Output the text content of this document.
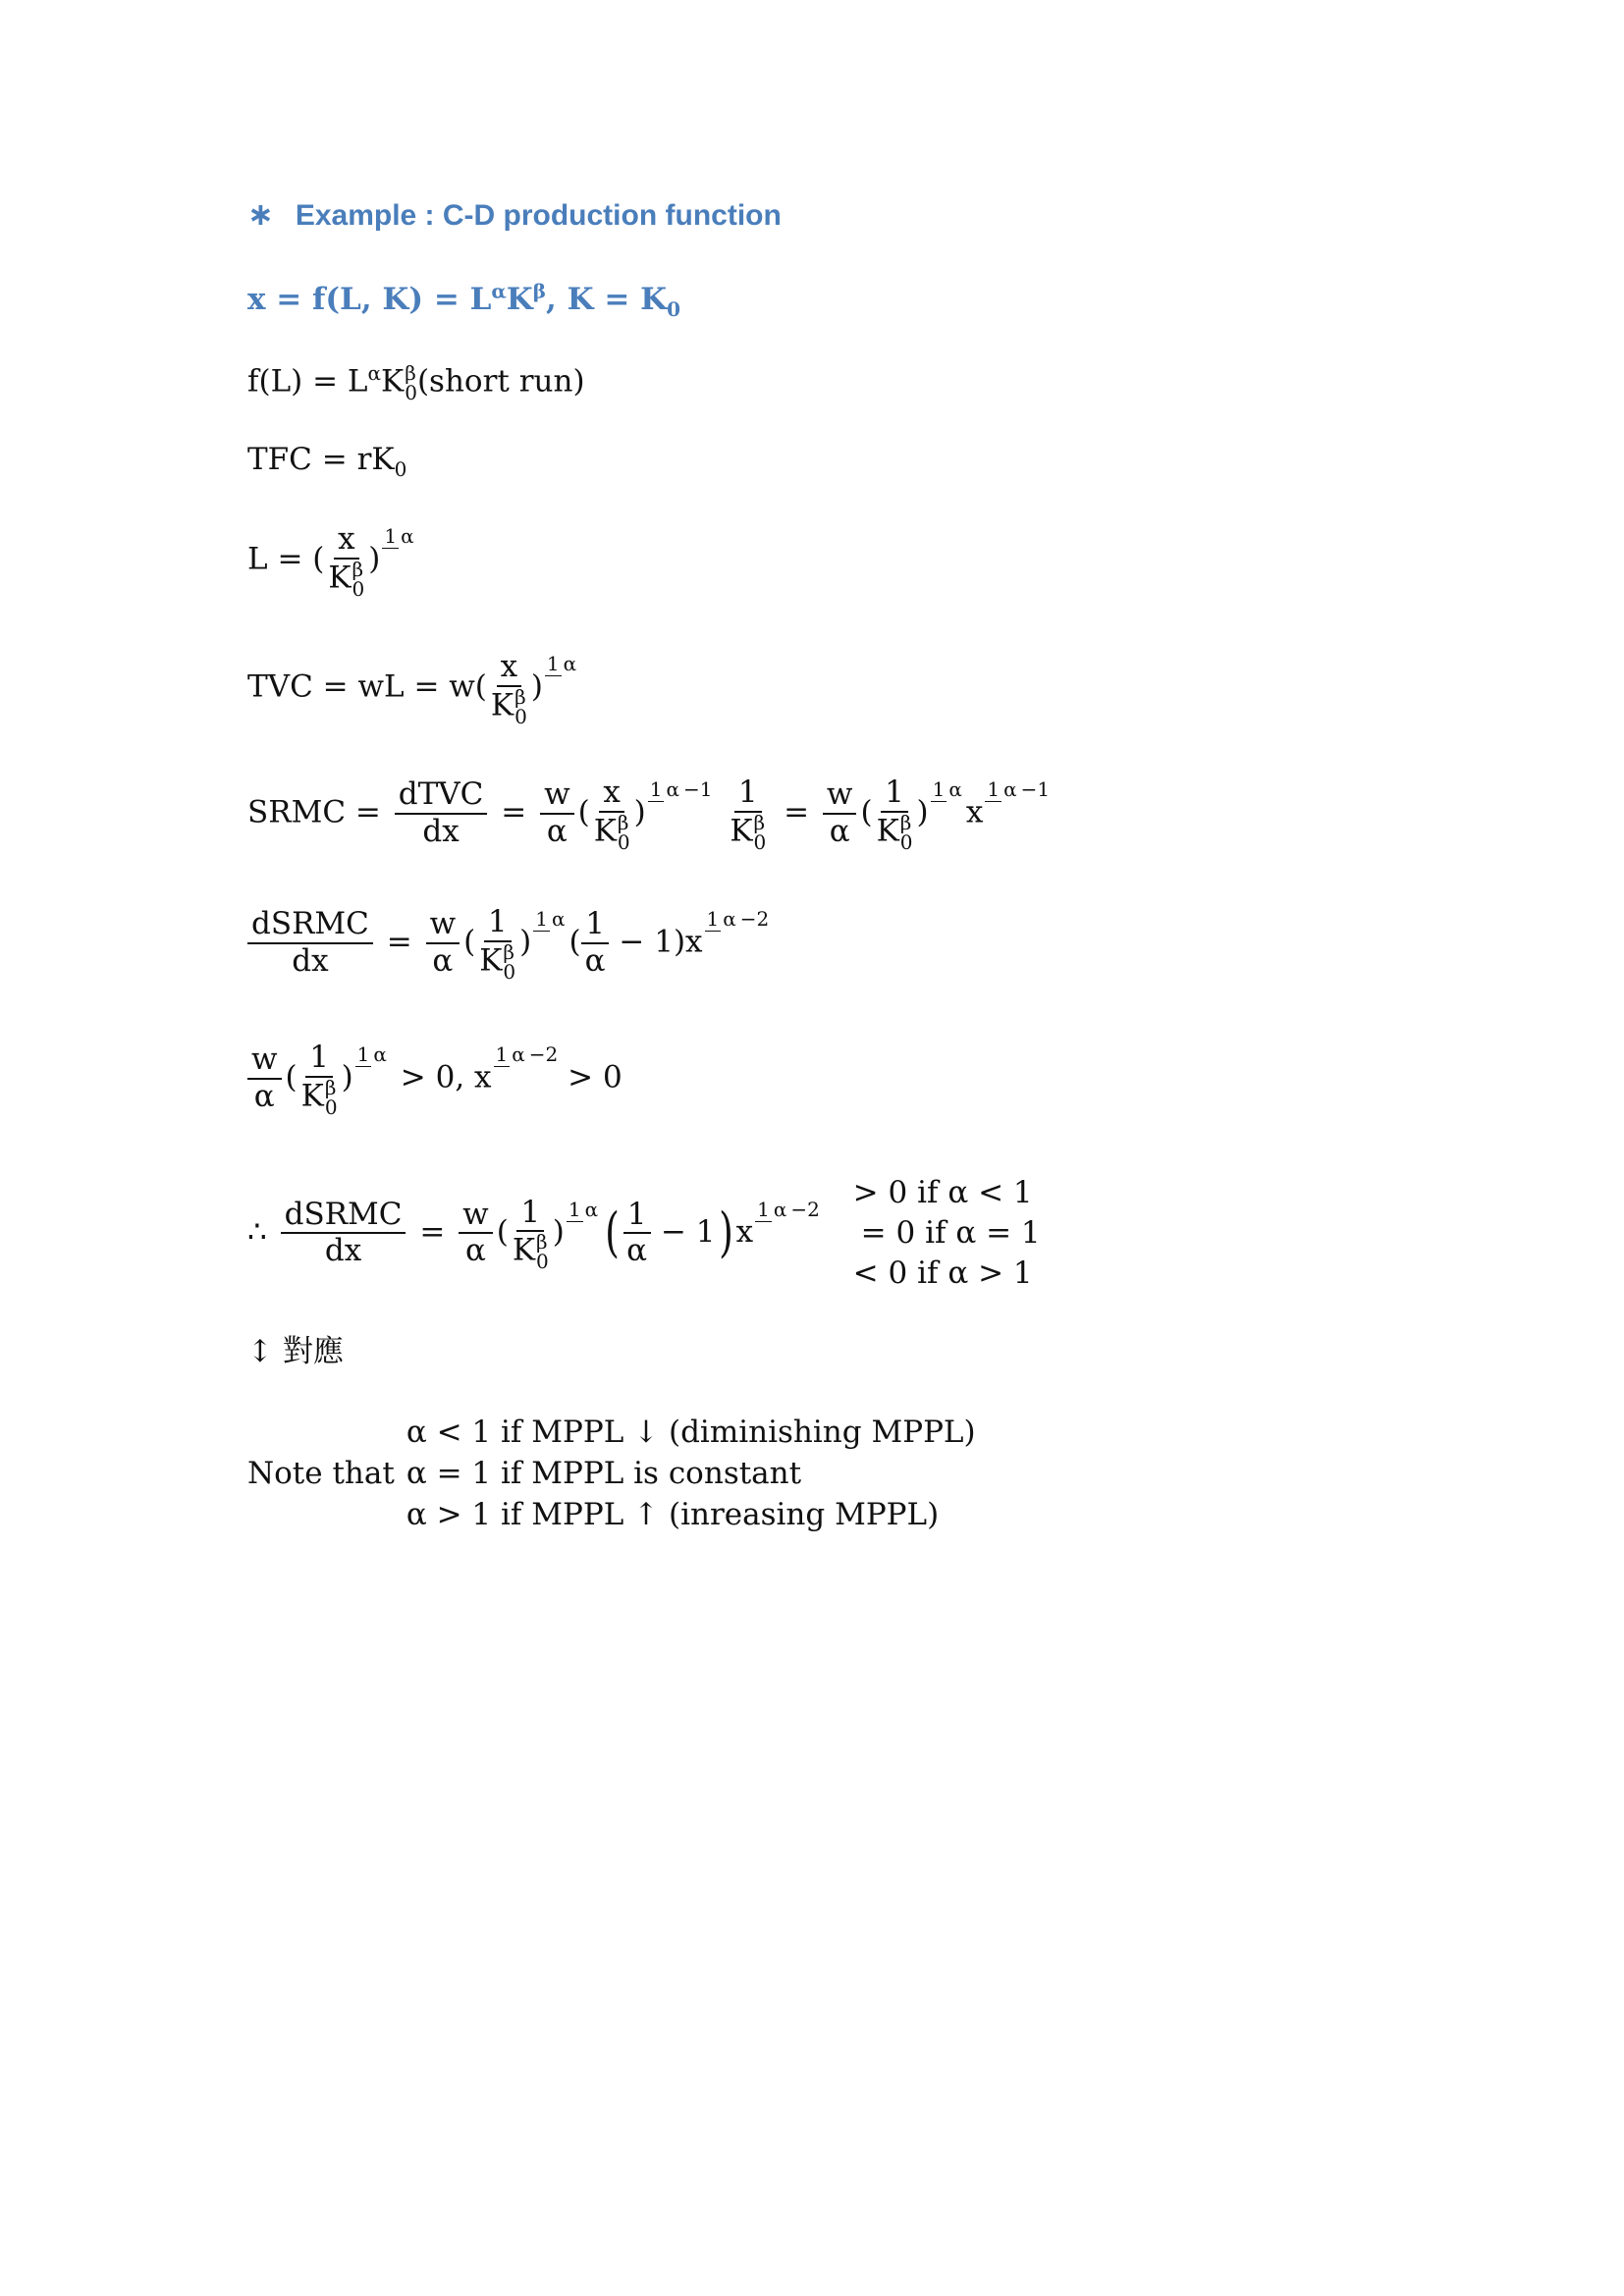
∗ Example : C-D production function
x = f(L, $K) = L^\alpha K^\beta$, $K = K_0$
$f(L) = L^\alpha K$ β
0 (short run)
TFC = $rK_0$
L = ( x
K β
0 )1 α
TVC = wL = w( x
K β
0 )1 α
SRMC = $\frac{\text{dTVC}}{dx} = \frac{w}{\alpha}$ ( x
K β
0 )1 α −1 1
K β
$0 = \frac{w}{\alpha}$ ( 1
K β
0 )1 αx1 α −1
$\frac{\text{dSRMC}}{dx} = \frac{w}{\alpha}$ ( 1
K β
0 )1 $\alpha( \frac{1}{\alpha} - 1)x1$ α −2
$\frac{w}{\alpha}$ ( 1
K β
0 )1 α > 0, x1 α −2 > 0
∴ $\frac{\text{dSRMC}}{dx} = \frac{w}{\alpha}$ ( 1
K β
0 )1 α ( $\frac{1}{\alpha} - 1$) x1 α −2 > 0 if α < 1
= 0 if α = 1
< 0 if α > 1
↕ 對應
Note that
α < 1 if MPPL ↓ (diminishing MPPL)
α = 1 if MPPL is constant
α > 1 if MPPL ↑ (inreasing MPPL)
